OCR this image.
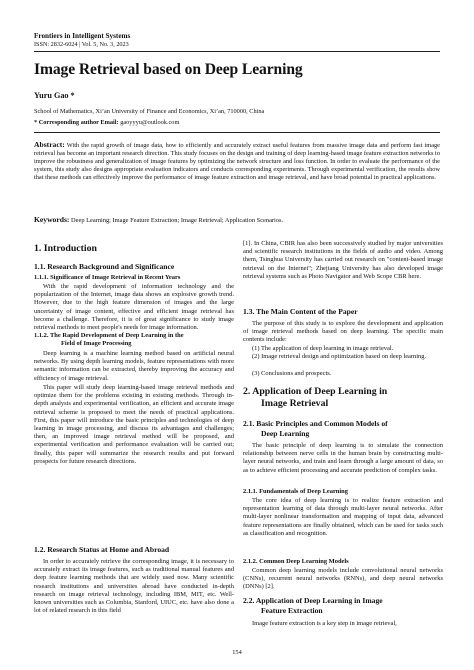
Frontiers in Intelligent Systems
ISSN: 2832-6024 | Vol. 5, No. 3, 2023
Image Retrieval based on Deep Learning
Yuru Gao *
School of Mathematics, Xi’an University of Finance and Economics, Xi’an, 710000, China
* Corresponding author Email: gaoyyyu@outlook.com
Abstract: With the rapid growth of image data, how to efficiently and accurately extract useful features from massive image data and perform fast image retrieval has become an important research direction. This study focuses on the design and training of deep learning-based image feature extraction networks to improve the robustness and generalization of image features by optimizing the network structure and loss function. In order to evaluate the performance of the system, this study also designs appropriate evaluation indicators and conducts corresponding experiments. Through experimental verification, the results show that these methods can effectively improve the performance of image feature extraction and image retrieval, and have broad potential in practical applications.
Keywords: Deep Learning; Image Feature Extraction; Image Retrieval; Application Scenarios.
1. Introduction
1.1. Research Background and Significance
1.1.1. Significance of Image Retrieval in Recent Years

With the rapid development of information technology and the popularization of the Internet, image data shows an explosive growth trend. However, due to the high feature dimension of images and the large uncertainty of image content, effective and efficient image retrieval has become a challenge. Therefore, it is of great significance to study image retrieval methods to meet people's needs for image information.

1.1.2. The Rapid Development of Deep Learning in the
Field of Image Processing

Deep learning is a machine learning method based on artificial neural networks. By using depth learning models, feature representations with more semantic information can be extracted, thereby improving the accuracy and efficiency of image retrieval.

This paper will study deep learning-based image retrieval methods and optimize them for the problems existing in existing methods. Through in-depth analysis and experimental verification, an efficient and accurate image retrieval scheme is proposed to meet the needs of practical applications. First, this paper will introduce the basic principles and technologies of deep learning in image processing, and discuss its advantages and challenges; then, an improved image retrieval method will be proposed, and experimental verification and performance evaluation will be carried out; finally, this paper will summarize the research results and put forward prospects for future research directions.

1.2. Research Status at Home and Abroad

In order to accurately retrieve the corresponding image, it is necessary to accurately extract its image features, such as traditional manual features and deep feature learning methods that are widely used now. Many scientific research institutions and universities abroad have conducted in-depth research on image retrieval technology, including IBM, MIT, etc. Well-known universities such as Columbia, Stanford, UIUC, etc. have also done a lot of related research in this field

[1]. In China, CBIR has also been successively studied by major universities and scientific research institutions in the fields of audio and video. Among them, Tsinghua University has carried out research on "content-based image retrieval on the Internet"; Zhejiang University has also developed image retrieval systems such as Photo Navigator and Web Scope CBR here.

1.3. The Main Content of the Paper

The purpose of this study is to explore the development and application of image retrieval methods based on deep learning. The specific main contents include:

(1) The application of deep learning in image retrieval.

(2) Image retrieval design and optimization based on deep learning.

(3) Conclusions and prospects.

2. Application of Deep Learning in
Image Retrieval
2.1. Basic Principles and Common Models of
Deep Learning

The basic principle of deep learning is to simulate the connection relationship between nerve cells in the human brain by constructing multi-layer neural networks, and train and learn through a large amount of data, so as to achieve efficient processing and accurate prediction of complex tasks.

2.1.1. Fundamentals of Deep Learning

The core idea of deep learning is to realize feature extraction and representation learning of data through multi-layer neural networks. After multi-layer nonlinear transformation and mapping of input data, advanced feature representations are finally obtained, which can be used for tasks such as classification and recognition.

2.1.2. Common Deep Learning Models

Common deep learning models include convolutional neural networks (CNNs), recurrent neural networks (RNNs), and deep neural networks (DNNs) [2].

2.2. Application of Deep Learning in Image
Feature Extraction

Image feature extraction is a key step in image retrieval,

154
